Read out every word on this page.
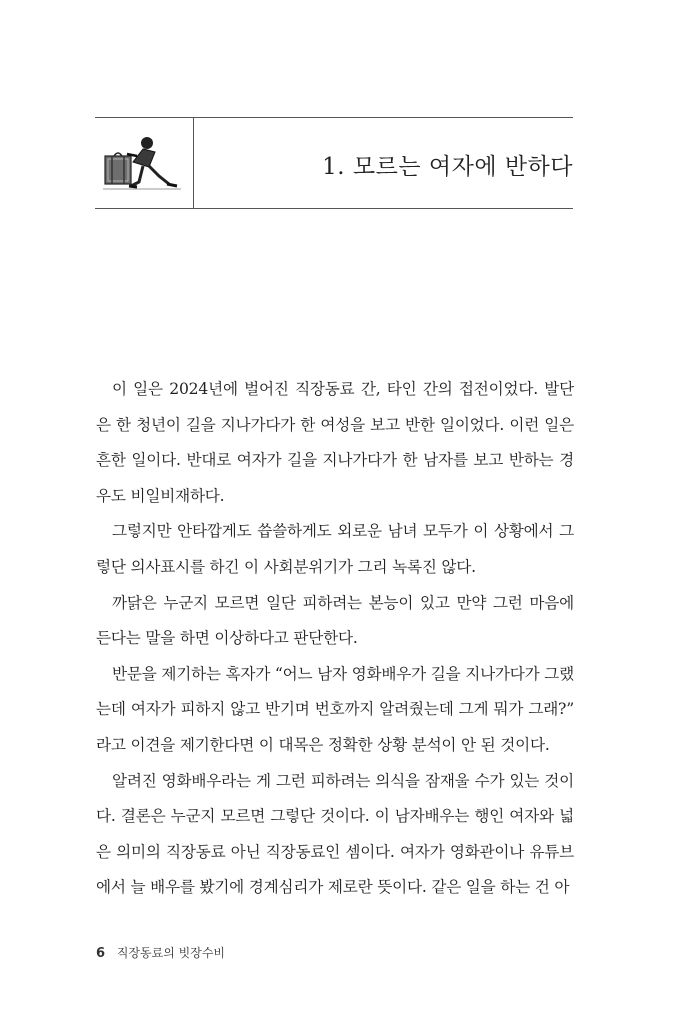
1. 모르는 여자에 반하다

이 일은 2024년에 벌어진 직장동료 간, 타인 간의 접전이었다. 발단은 한 청년이 길을 지나가다가 한 여성을 보고 반한 일이었다. 이런 일은 흔한 일이다. 반대로 여자가 길을 지나가다가 한 남자를 보고 반하는 경우도 비일비재하다.

그렇지만 안타깝게도 씁쓸하게도 외로운 남녀 모두가 이 상황에서 그렇단 의사표시를 하긴 이 사회분위기가 그리 녹록진 않다.

까닭은 누군지 모르면 일단 피하려는 본능이 있고 만약 그런 마음에 든다는 말을 하면 이상하다고 판단한다.

반문을 제기하는 혹자가 “어느 남자 영화배우가 길을 지나가다가 그랬는데 여자가 피하지 않고 반기며 번호까지 알려줬는데 그게 뭐가 그래?” 라고 이견을 제기한다면 이 대목은 정확한 상황 분석이 안 된 것이다.

알려진 영화배우라는 게 그런 피하려는 의식을 잠재울 수가 있는 것이다. 결론은 누군지 모르면 그렇단 것이다. 이 남자배우는 행인 여자와 넓은 의미의 직장동료 아닌 직장동료인 셈이다. 여자가 영화관이나 유튜브에서 늘 배우를 봤기에 경계심리가 제로란 뜻이다. 같은 일을 하는 건 아

6 직장동료의 빗장수비
